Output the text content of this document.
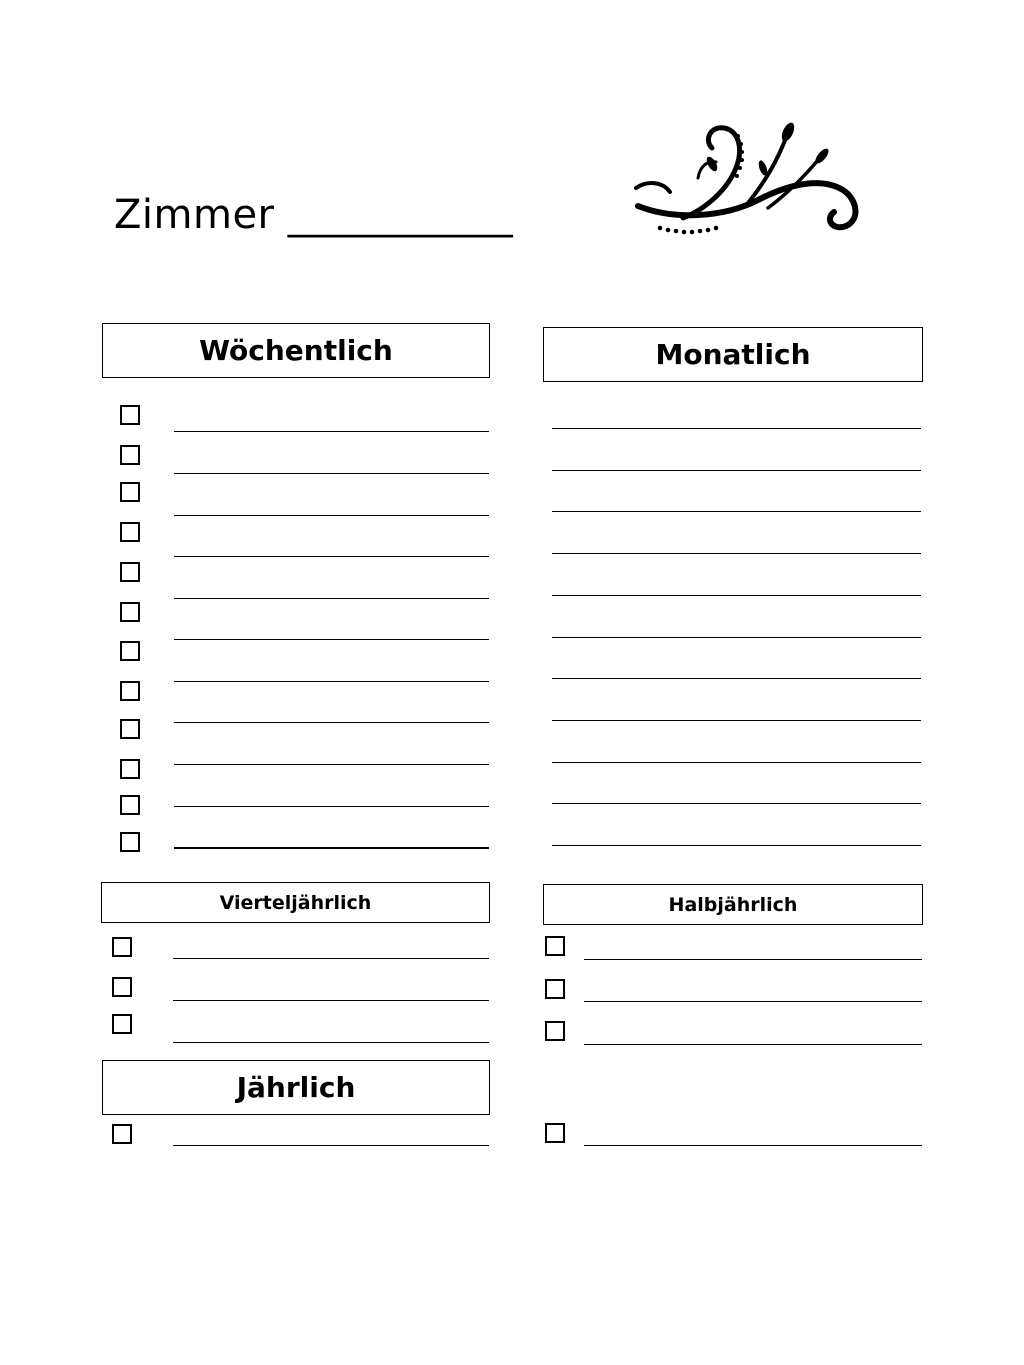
Zimmer ___________
Wöchentlich	Monatlich
Vierteljährlich	Halbjährlich
Jährlich
